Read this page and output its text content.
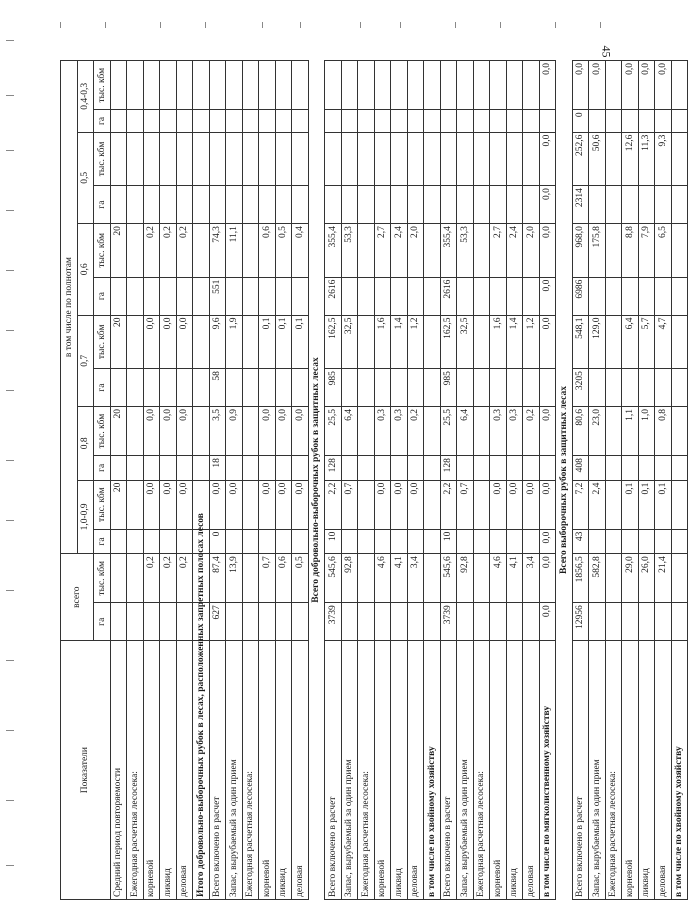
45
Показатели	всего		в том числе по полнотам											
			1,0-0,9		0,8		0,7		0,6		0,5		0,4-0,3	
	га	тыс. кбм	га	тыс. кбм	га	тыс. кбм	га	тыс. кбм	га	тыс. кбм	га	тыс. кбм	га	тыс. кбм
Средний период повторяемости				20		20		20		20				
Ежегодная расчетная лесосека:														
корневой		0,2		0,0		0,0		0,0		0,2				
ликвид		0,2		0,0		0,0		0,0		0,2				
деловая		0,2		0,0		0,0		0,0		0,2				
Итого добровольно-выборочных рубок в лесах, расположенных запретных полосах лесов														
Всего включено в расчет	627	87,4	0	0,0	18	3,5	58	9,6	551	74,3				
Запас, вырубаемый за один прием		13,9		0,0		0,9		1,9		11,1				
Ежегодная расчетная лесосека:														
корневой		0,7		0,0		0,0		0,1		0,6				
ликвид		0,6		0,0		0,0		0,1		0,5				
деловая		0,5		0,0		0,0		0,1		0,4				
Всего добровольно-выборочных рубок в защитных лесах														
Всего включено в расчет	3739	545,6	10	2,2	128	25,5	985	162,5	2616	355,4				
Запас, вырубаемый за один прием		92,8		0,7		6,4		32,5		53,3				
Ежегодная расчетная лесосека:														
корневой		4,6		0,0		0,3		1,6		2,7				
ликвид		4,1		0,0		0,3		1,4		2,4				
деловая		3,4		0,0		0,2		1,2		2,0				
в том числе по хвойному хозяйству														
Всего включено в расчет	3739	545,6	10	2,2	128	25,5	985	162,5	2616	355,4				
Запас, вырубаемый за один прием		92,8		0,7		6,4		32,5		53,3				
Ежегодная расчетная лесосека:														
корневой		4,6		0,0		0,3		1,6		2,7				
ликвид		4,1		0,0		0,3		1,4		2,4				
деловая		3,4		0,0		0,2		1,2		2,0				
в том числе по мягколиственному хозяйству	0,0	0,0	0,0	0,0		0,0		0,0	0,0	0,0	0,0	0,0		0,0
Всего выборочных рубок в защитных лесах														
Всего включено в расчет	12956	1856,5	43	7,2	408	80,6	3205	548,1	6986	968,0	2314	252,6	0	0,0
Запас, вырубаемый за один прием		582,8		2,4		23,0		129,0		175,8		50,6		0,0
Ежегодная расчетная лесосека:														
корневой		29,0		0,1		1,1		6,4		8,8		12,6		0,0
ликвид		26,0		0,1		1,0		5,7		7,9		11,3		0,0
деловая		21,4		0,1		0,8		4,7		6,5		9,3		0,0
в том числе по хвойному хозяйству														
